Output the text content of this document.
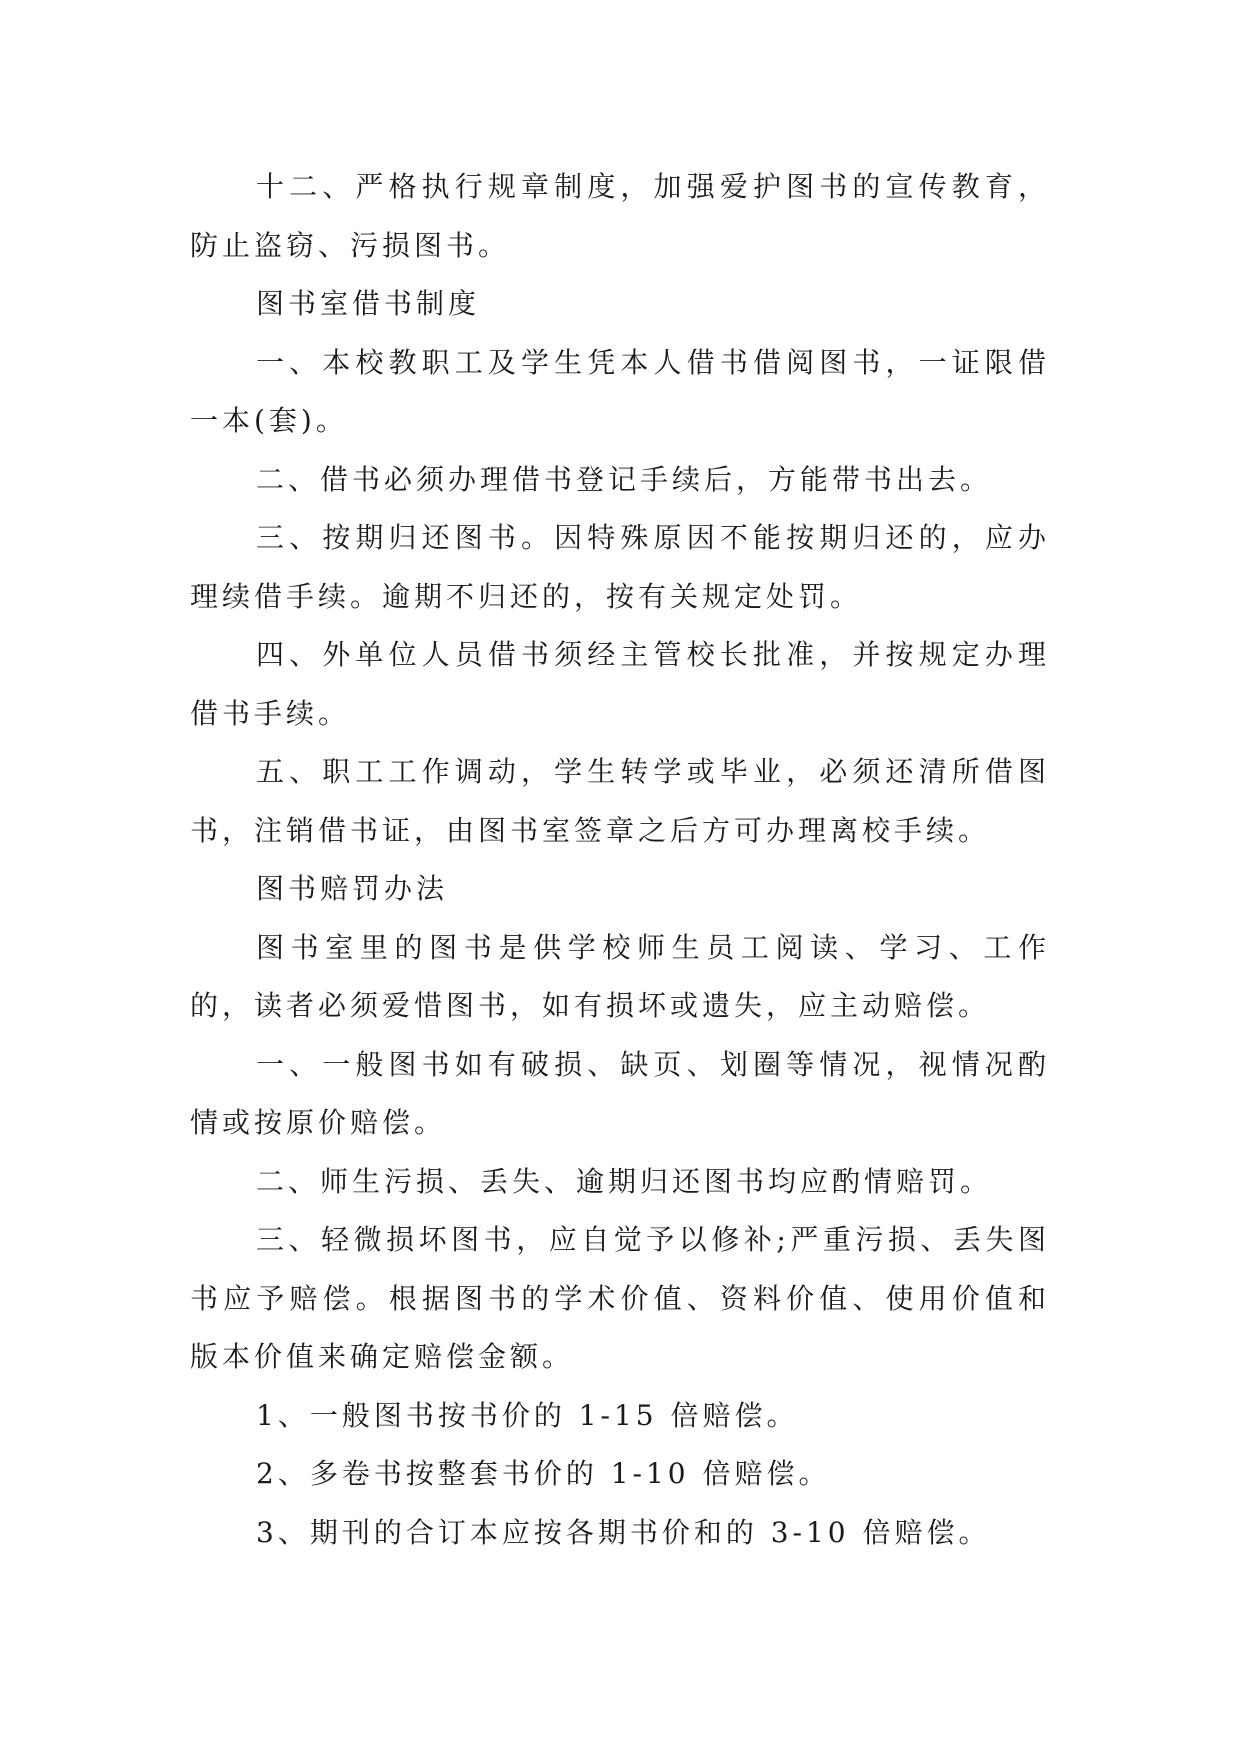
十二、严格执行规章制度，加强爱护图书的宣传教育，防止盗窃、污损图书。

图书室借书制度

一、本校教职工及学生凭本人借书借阅图书，一证限借一本(套)。

二、借书必须办理借书登记手续后，方能带书出去。

三、按期归还图书。因特殊原因不能按期归还的，应办理续借手续。逾期不归还的，按有关规定处罚。

四、外单位人员借书须经主管校长批准，并按规定办理借书手续。

五、职工工作调动，学生转学或毕业，必须还清所借图书，注销借书证，由图书室签章之后方可办理离校手续。

图书赔罚办法

图书室里的图书是供学校师生员工阅读、学习、工作的，读者必须爱惜图书，如有损坏或遗失，应主动赔偿。

一、一般图书如有破损、缺页、划圈等情况，视情况酌情或按原价赔偿。

二、师生污损、丢失、逾期归还图书均应酌情赔罚。

三、轻微损坏图书，应自觉予以修补;严重污损、丢失图书应予赔偿。根据图书的学术价值、资料价值、使用价值和版本价值来确定赔偿金额。

1、一般图书按书价的 1-15 倍赔偿。

2、多卷书按整套书价的 1-10 倍赔偿。

3、期刊的合订本应按各期书价和的 3-10 倍赔偿。
